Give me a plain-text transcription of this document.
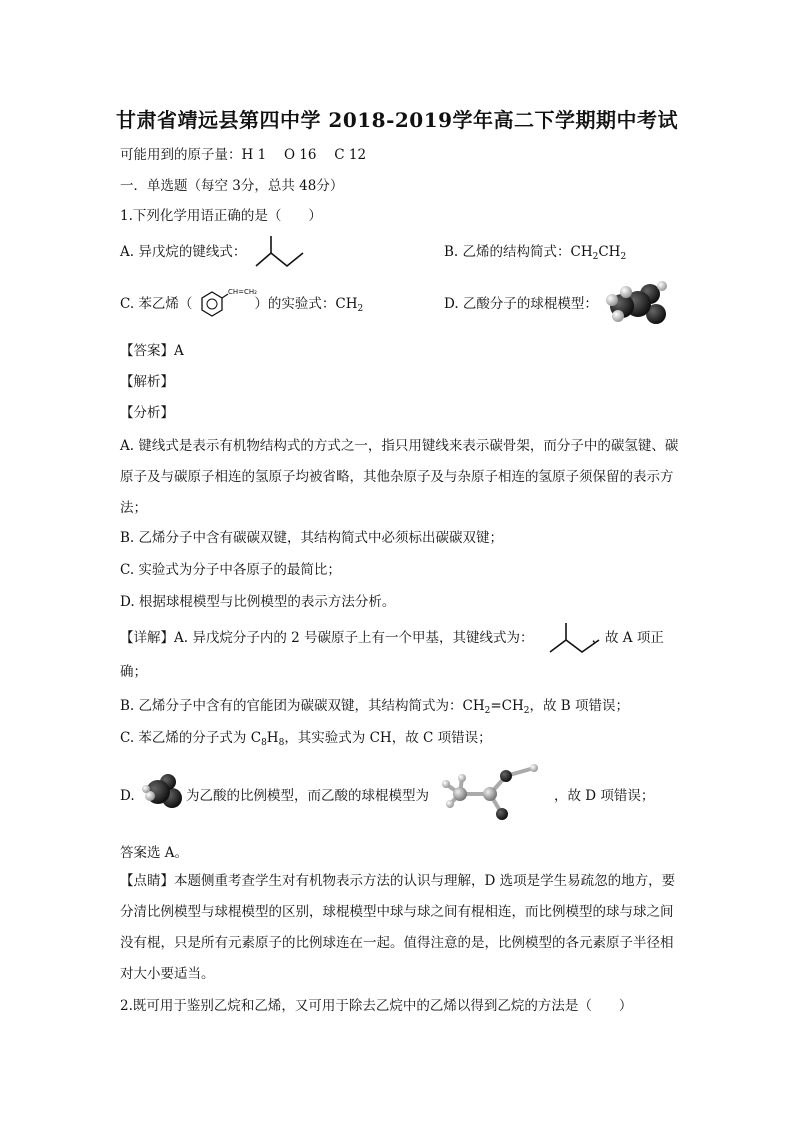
甘肃省靖远县第四中学 2018-2019学年高二下学期期中考试
可能用到的原子量：H 1　 O 16　 C 12
一．单选题（每空 3分，总共 48分）
1.下列化学用语正确的是（　　）
A. 异戊烷的键线式：	B. 乙烯的结构简式：$CH_2CH_2$
C. 苯乙烯（	）的实验式：$CH_2$
CH=CH₂
D. 乙酸分子的球棍模型：
【答案】A
【解析】
【分析】
A. 键线式是表示有机物结构式的方式之一，指只用键线来表示碳骨架，而分子中的碳氢键、碳原子及与碳原子相连的氢原子均被省略，其他杂原子及与杂原子相连的氢原子须保留的表示方法；
B. 乙烯分子中含有碳碳双键，其结构简式中必须标出碳碳双键；
C. 实验式为分子中各原子的最简比；
D. 根据球棍模型与比例模型的表示方法分析。
【详解】A. 异戊烷分子内的 2 号碳原子上有一个甲基，其键线式为：	，故 A 项正
确；
B. 乙烯分子中含有的官能团为碳碳双键，其结构简式为：$CH_2=CH_2$，故 B 项错误；
C. 苯乙烯的分子式为 $C_8H_8$，其实验式为 CH，故 C 项错误；
D.	为乙酸的比例模型，而乙酸的球棍模型为	，故 D 项错误；
答案选 A。
【点睛】本题侧重考查学生对有机物表示方法的认识与理解，D 选项是学生易疏忽的地方，要分清比例模型与球棍模型的区别，球棍模型中球与球之间有棍相连，而比例模型的球与球之间没有棍，只是所有元素原子的比例球连在一起。值得注意的是，比例模型的各元素原子半径相对大小要适当。
2.既可用于鉴别乙烷和乙烯，又可用于除去乙烷中的乙烯以得到乙烷的方法是（　　）
